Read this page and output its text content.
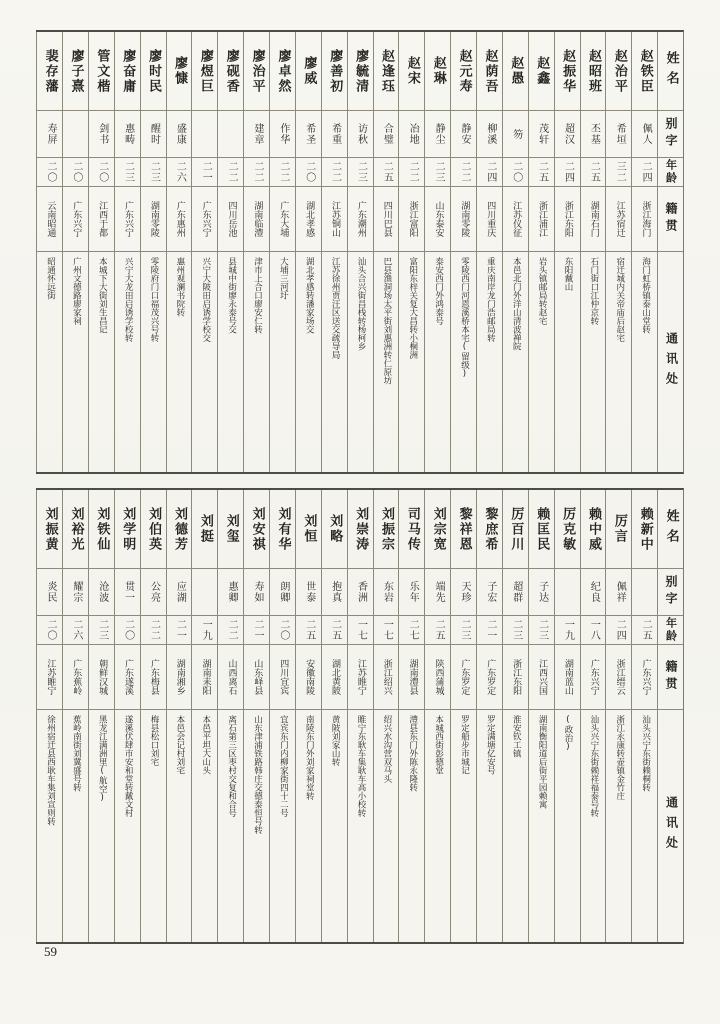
姓名
别字
年龄
籍贯
通讯处
赵铁臣
佩人
二四
浙江海门
海门虹桥镇泰山堂转
赵治平
希垣
三二
江苏宿迁
宿迁城内关帝庙后赵宅
赵昭班
丕基
二五
湖南石门
石门街口江仲京转
赵振华
超汉
二四
浙江东阳
东阳戴山
赵鑫
茂轩
二五
浙江浦江
岩头镇邮局转赵宅
赵愚
笏
二〇
江苏仪征
本邑北门外洋山清波禅院
赵荫吾
柳溪
二四
四川重庆
重庆南岸龙门浩邮局转
赵元寿
静安
二二
湖南零陵
零陵西门河恩溪桥本宅(留级)
赵琳
静尘
二三
山东泰安
泰安西门外鸿泰号
赵宋
冶地
二二
浙江富阳
富阳东梓关复大昌转小桐洲
赵逢珏
合璧
二五
四川巴县
巴县渔洞场太平街刘惠洲转仁原坊
廖毓清
访秋
二三
广东潮州
汕头合兴街昌栈转杨柯乡
廖善初
希重
二二
江苏铜山
江苏徐州贾汪区送交疏导局
廖威
希圣
二〇
湖北孝感
湖北孝感转潘家场交
廖卓然
作华
二二
广东大埔
大埔三河圩
廖治平
建章
二二
湖南临澧
津市上合口廖安仁转
廖砚香
二二
四川岳池
县城中街廖永泰号交
廖煜巨
二一
广东兴宁
兴宁大陂田启诱学校交
廖慷
盛康
二六
广东惠州
惠州观澜书院转
廖时民
醒时
二三
湖南零陵
零陵府门口福茂兴号转
廖奋庸
惠畴
二三
广东兴宁
兴宁大龙田启诱学校转
管文楷
剑书
二〇
江西于都
本城下大街刘生昌记
廖子熹
二〇
广东兴宁
广州文德路廖家祠
裴存藩
寿屏
二〇
云南昭通
昭通怀远街
姓名
别字
年龄
籍贯
通讯处
赖新中
二五
广东兴宁
汕头兴宁东街赖桐转
厉言
佩祥
二四
浙江缙云
浙江永康转壶镇金竹庄
赖中威
纪良
一八
广东兴宁
汕头兴宁东街赖祥福泰号转
厉克敏
一九
湖南蓝山
(政治)
赖匡民
子达
二三
江西兴国
湖南衡阳道后街平园赖寓
厉百川
超群
二三
浙江东阳
淮安钦工镇
黎庶希
子宏
二一
广东罗定
罗定满塘亿安号
黎祥恩
天珍
二三
广东罗定
罗定船步市城记
刘宗宽
端先
二五
陕西蒲城
本城西街彭德堂
司马传
乐年
二七
湖南澧县
澧县东门外陈永隆转
刘振宗
东岩
一七
浙江绍兴
绍兴水沟营双马头
刘崇涛
香洲
一七
江苏睢宁
睢宁东耿车集耿车高小校转
刘略
抱真
二五
湖北黄陂
黄陂刘家山转
刘恒
世泰
二五
安徽南陵
南陵东门外刘家祠堂转
刘有华
朗卿
二〇
四川宜宾
宜宾东门内柳家街四十二号
刘安祺
寿如
二一
山东峄县
山东津浦铁路韩庄交德泰恒号转
刘玺
惠卿
二二
山西离石
离石第三区枣村交复和合号
刘挺
一九
湖南耒阳
本邑平坦大山头
刘德芳
应湖
二一
湖南湘乡
本邑会记村刘宅
刘伯英
公亮
二二
广东梅县
梅县松口刘宅
刘学明
贯一
二〇
广东遂溪
遂溪伏肆市安和堂转戴文村
刘铁仙
沧波
二三
朝鲜汉城
黑龙江满洲里(航空)
刘裕光
耀宗
二六
广东蕉岭
蕉岭南街刘冀盛号转
刘振黄
炎民
二〇
江苏睢宁
徐州宿迁县西耿车集刘宣则转
59
